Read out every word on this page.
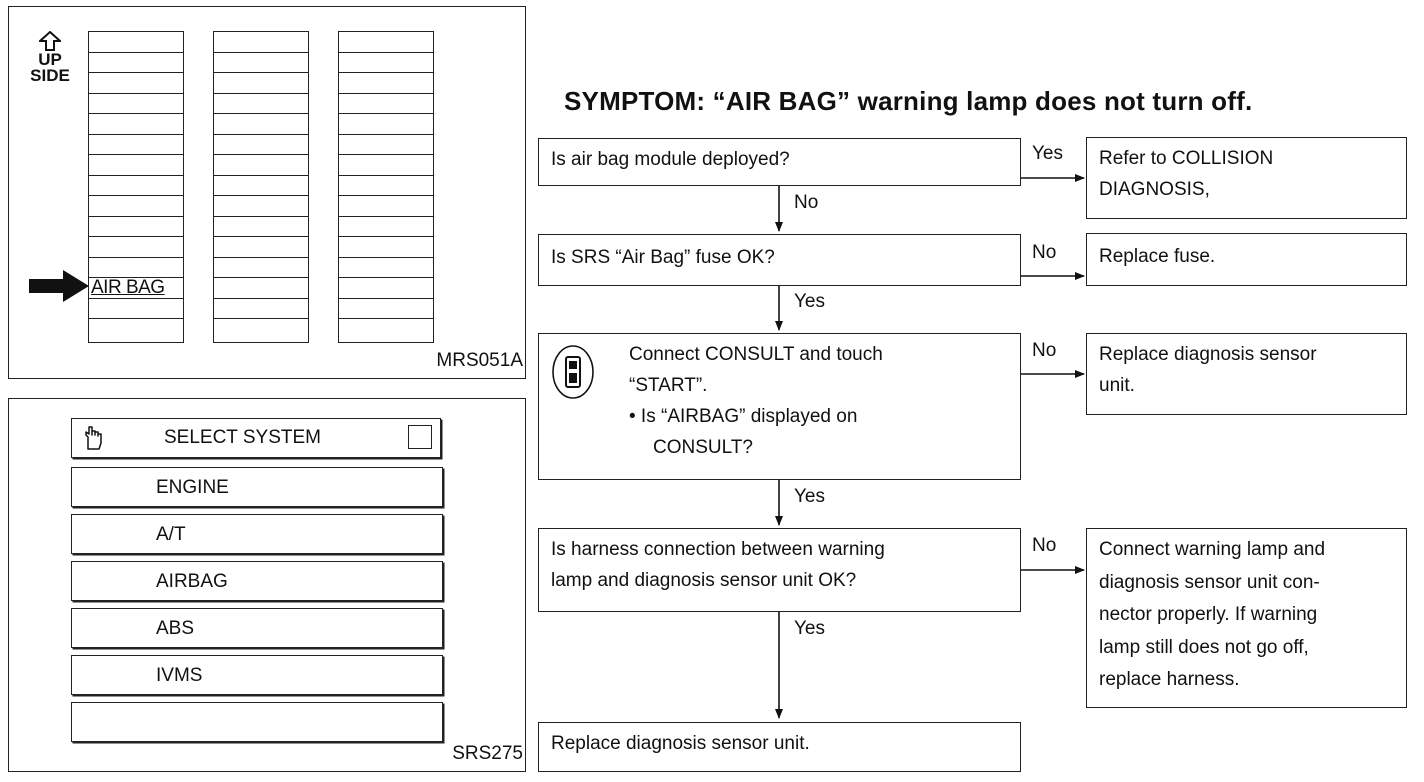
UP
SIDE
AIR BAG
MRS051A
SELECT SYSTEM
ENGINE
A/T
AIRBAG
ABS
IVMS
SRS275
SYMPTOM: “AIR BAG” warning lamp does not turn off.
Is air bag module deployed?	Yes
No
Refer to COLLISION
DIAGNOSIS,
Is SRS “Air Bag” fuse OK?	No
Yes
Replace fuse.
Connect CONSULT and touch
“START”.
• Is “AIRBAG” displayed on
CONSULT?
No
Yes
Replace diagnosis sensor
unit.
Is harness connection between warning
lamp and diagnosis sensor unit OK?
No
Yes
Connect warning lamp and
diagnosis sensor unit con-
nector properly. If warning
lamp still does not go off,
replace harness.
Replace diagnosis sensor unit.
